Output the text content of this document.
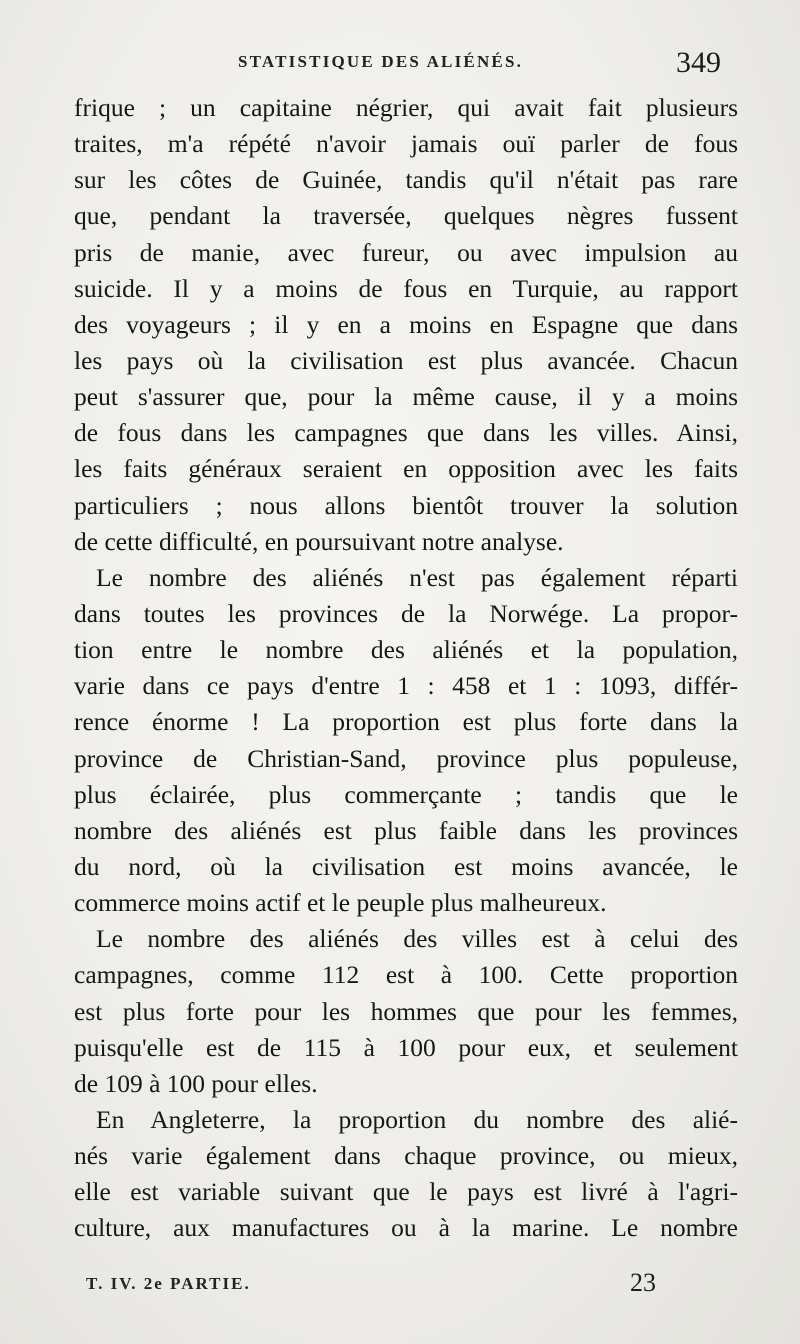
STATISTIQUE DES ALIÉNÉS.	349
frique ; un capitaine négrier, qui avait fait plusieurs
traites, m'a répété n'avoir jamais ouï parler de fous
sur les côtes de Guinée, tandis qu'il n'était pas rare
que, pendant la traversée, quelques nègres fussent
pris de manie, avec fureur, ou avec impulsion au
suicide. Il y a moins de fous en Turquie, au rapport
des voyageurs ; il y en a moins en Espagne que dans
les pays où la civilisation est plus avancée. Chacun
peut s'assurer que, pour la même cause, il y a moins
de fous dans les campagnes que dans les villes. Ainsi,
les faits généraux seraient en opposition avec les faits
particuliers ; nous allons bientôt trouver la solution
de cette difficulté, en poursuivant notre analyse.
Le nombre des aliénés n'est pas également réparti
dans toutes les provinces de la Norwége. La propor-
tion entre le nombre des aliénés et la population,
varie dans ce pays d'entre 1 : 458 et 1 : 1093, différ-
rence énorme ! La proportion est plus forte dans la
province de Christian-Sand, province plus populeuse,
plus éclairée, plus commerçante ; tandis que le
nombre des aliénés est plus faible dans les provinces
du nord, où la civilisation est moins avancée, le
commerce moins actif et le peuple plus malheureux.
Le nombre des aliénés des villes est à celui des
campagnes, comme 112 est à 100. Cette proportion
est plus forte pour les hommes que pour les femmes,
puisqu'elle est de 115 à 100 pour eux, et seulement
de 109 à 100 pour elles.
En Angleterre, la proportion du nombre des alié-
nés varie également dans chaque province, ou mieux,
elle est variable suivant que le pays est livré à l'agri-
culture, aux manufactures ou à la marine. Le nombre
T. IV. 2e PARTIE.	23
